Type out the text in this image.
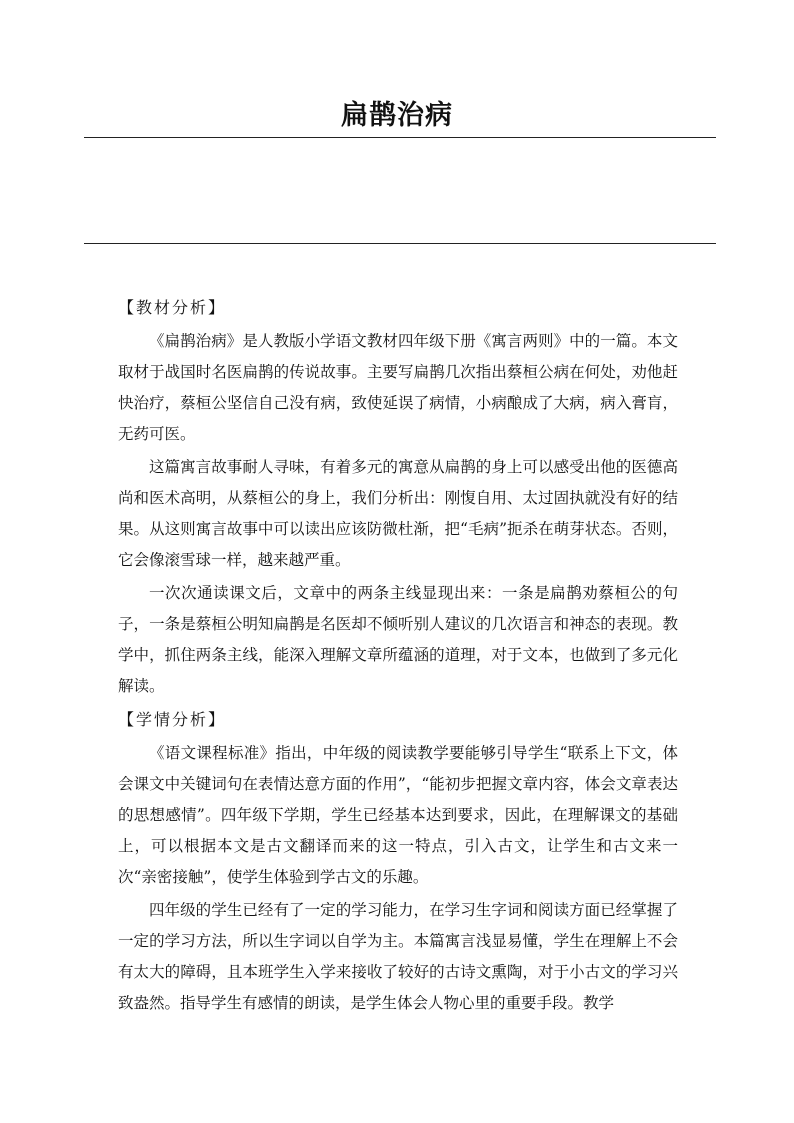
扁鹊治病
【教材分析】

《扁鹊治病》是人教版小学语文教材四年级下册《寓言两则》中的一篇。本文取材于战国时名医扁鹊的传说故事。主要写扁鹊几次指出蔡桓公病在何处，劝他赶快治疗，蔡桓公坚信自己没有病，致使延误了病情，小病酿成了大病，病入膏肓，无药可医。

这篇寓言故事耐人寻味，有着多元的寓意从扁鹊的身上可以感受出他的医德高尚和医术高明，从蔡桓公的身上，我们分析出：刚愎自用、太过固执就没有好的结果。从这则寓言故事中可以读出应该防微杜渐，把“毛病”扼杀在萌芽状态。否则，它会像滚雪球一样，越来越严重。

一次次通读课文后，文章中的两条主线显现出来：一条是扁鹊劝蔡桓公的句子，一条是蔡桓公明知扁鹊是名医却不倾听别人建议的几次语言和神态的表现。教学中，抓住两条主线，能深入理解文章所蕴涵的道理，对于文本，也做到了多元化解读。

【学情分析】

《语文课程标准》指出，中年级的阅读教学要能够引导学生“联系上下文，体会课文中关键词句在表情达意方面的作用”，“能初步把握文章内容，体会文章表达的思想感情”。四年级下学期，学生已经基本达到要求，因此，在理解课文的基础上，可以根据本文是古文翻译而来的这一特点，引入古文，让学生和古文来一次“亲密接触”，使学生体验到学古文的乐趣。

四年级的学生已经有了一定的学习能力，在学习生字词和阅读方面已经掌握了一定的学习方法，所以生字词以自学为主。本篇寓言浅显易懂，学生在理解上不会有太大的障碍，且本班学生入学来接收了较好的古诗文熏陶，对于小古文的学习兴致盎然。指导学生有感情的朗读，是学生体会人物心里的重要手段。教学
